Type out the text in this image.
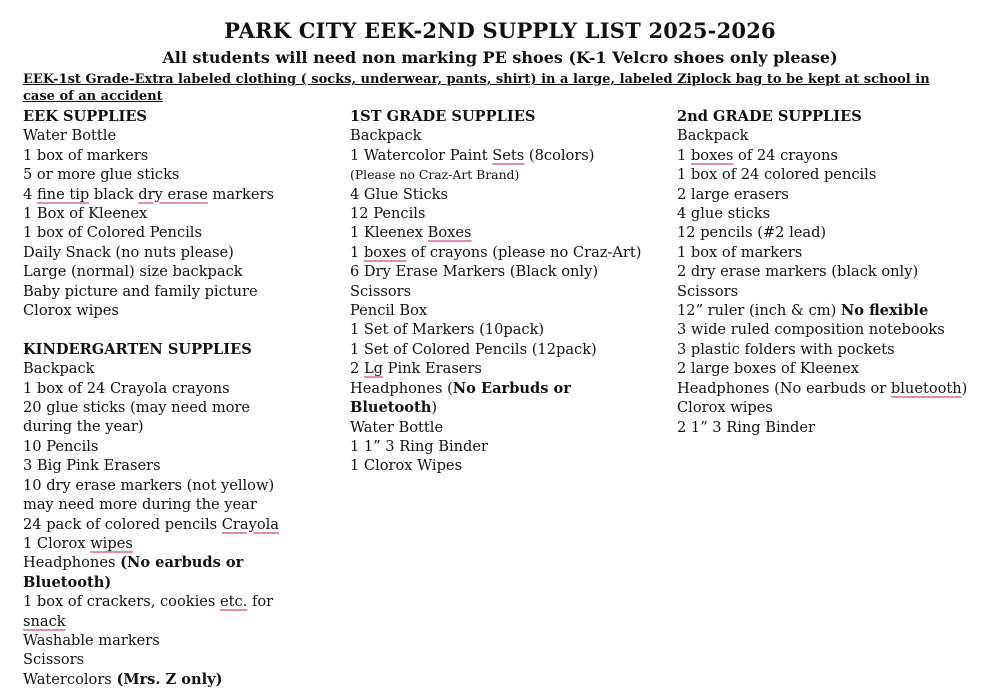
PARK CITY EEK-2ND SUPPLY LIST 2025-2026
All students will need non marking PE shoes (K-1 Velcro shoes only please)

EEK-1st Grade-Extra labeled clothing ( socks, underwear, pants, shirt) in a large, labeled Ziplock bag to be kept at school in case of an accident

EEK SUPPLIES
Water Bottle
1 box of markers
5 or more glue sticks
4 fine tip black dry erase markers
1 Box of Kleenex
1 box of Colored Pencils
Daily Snack (no nuts please)
Large (normal) size backpack
Baby picture and family picture
Clorox wipes
KINDERGARTEN SUPPLIES
Backpack
1 box of 24 Crayola crayons
20 glue sticks (may need more during the year)
10 Pencils
3 Big Pink Erasers
10 dry erase markers (not yellow) may need more during the year
24 pack of colored pencils Crayola
1 Clorox wipes
Headphones (No earbuds or Bluetooth)
1 box of crackers, cookies etc. for snack
Washable markers
Scissors
Watercolors (Mrs. Z only)
1ST GRADE SUPPLIES
Backpack
1 Watercolor Paint Sets (8colors) (Please no Craz-Art Brand)
4 Glue Sticks
12 Pencils
1 Kleenex Boxes
1 boxes of crayons (please no Craz-Art)
6 Dry Erase Markers (Black only)
Scissors
Pencil Box
1 Set of Markers (10pack)
1 Set of Colored Pencils (12pack)
2 Lg Pink Erasers
Headphones (No Earbuds or Bluetooth)
Water Bottle
1 1” 3 Ring Binder
1 Clorox Wipes
2nd GRADE SUPPLIES
Backpack
1 boxes of 24 crayons
1 box of 24 colored pencils
2 large erasers
4 glue sticks
12 pencils (#2 lead)
1 box of markers
2 dry erase markers (black only)
Scissors
12” ruler (inch & cm) No flexible
3 wide ruled composition notebooks
3 plastic folders with pockets
2 large boxes of Kleenex
Headphones (No earbuds or bluetooth)
Clorox wipes
2 1” 3 Ring Binder
